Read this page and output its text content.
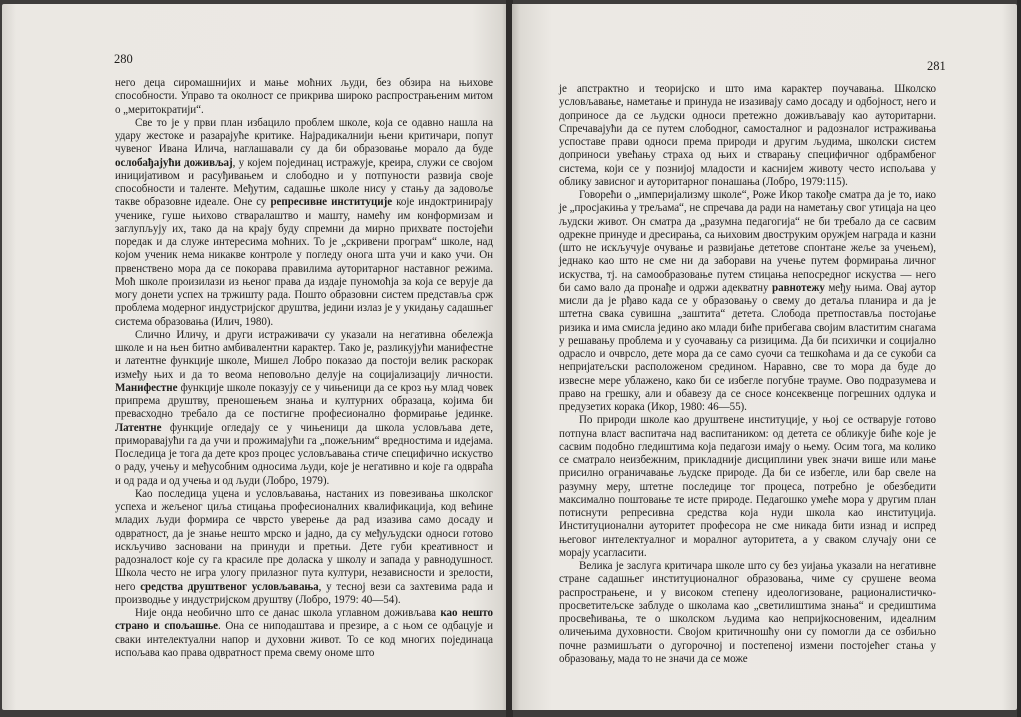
280

него деца сиромашнијих и мање моћних људи, без обзира на њихове способности. Управо та околност се прикрива широко распрострањеним митом о „меритократији“.

Све то је у први план избацило проблем школе, која се одавно нашла на удару жестоке и разарајуће критике. Најрадикалнији њени критичари, попут чувеног Ивана Илича, наглашавали су да би образовање морало да буде ослобађајући доживљај, у којем појединац истражује, крeира, служи се својом иницијативом и расуђивањем и слободно и у потпуности развија своје способности и таленте. Међутим, садашње школе нису у стању да задовоље такве образовне идеале. Оне су репресивне институције које индоктринирају ученике, гуше њихово стваралаштво и машту, намећу им конформизам и заглупљују их, тако да на крају буду спремни да мирно прихвате постојећи поредак и да служе интересима моћних. То је „скривени програм“ школе, над којом ученик нема никакве контроле у погледу онога шта учи и како учи. Он првенствено мора да се покорава правилима ауторитарног наставног режима. Моћ школе произилази из њеног права да издаје пуномоћја за која се верује да могу донети успех на тржишту рада. Пошто образовни систем представља срж проблема модерног индустријског друштва, једини излаз је у укидању садашњег система образовања (Илич, 1980).

Слично Иличу, и други истраживачи су указали на негативна обележја школе и на њен битно амбивалентни карактер. Тако је, разликујући манифестне и латентне функције школе, Мишел Лобро показао да постоји велик раскорак између њих и да то веома неповољно делује на социјализацију личности. Манифестне функције школе показују се у чињеници да се кроз њу млад човек припрема друштву, преношењем знања и културних образаца, којима би превасходно требало да се постигне професионално формирање јединке. Латентне функције огледају се у чињеници да школа условљава дете, приморавајући га да учи и прожимајући га „пожељним“ вредностима и идејама. Последица је тога да дете кроз процес условљавања стиче специфично искуство о раду, учењу и међусобним односима људи, које је негативно и које га одвраћа и од рада и од учења и од људи (Лобро, 1979).

Као последица уцена и условљавања, настаних из повезивања школског успеха и жељеног циља стицања професионалних квалификација, код већине младих људи формира се чврсто уверење да рад изазива само досаду и одвратност, да је знање нешто мрско и јадно, да су међуљудски односи готово искључиво засновани на принуди и претњи. Дете губи креативност и радозналост које су га красиле пре доласка у школу и запада у равнодушност. Школа често не игра улогу прилазног пута култури, независности и зрелости, него средства друштвеног условљавања, у тесној вези са захтевима рада и производње у индустријском друштву (Лобро, 1979: 40—54).

Није онда необично што се данас школа углавном доживљава као нешто страно и спољашње. Она се ниподаштава и презире, а с њом се одбацује и сваки интелектуални напор и духовни живот. То се код многих појединаца испољава као права одвратност према свему ономе што

281

је апстрактно и теоријско и што има карактер поучавања. Школско условљавање, наметање и принуда не изазивају само досаду и одбојност, него и доприносе да се људски односи претежно доживљавају као ауторитарни. Спречавајући да се путем слободног, самосталног и радозналог истраживања успоставе прави односи према природи и другим људима, школски систем доприноси увећању страха од њих и стварању специфичног одбрамбеног система, који се у познијој младости и каснијем животу често испољава у облику зависног и ауторитарног понашања (Лобро, 1979:115).

Говорећи о „империјализму школе“, Роже Икор такође сматра да је то, иако је „просјакиња у трељама“, не спречава да ради на наметању свог утицаја на цео људски живот. Он сматра да „разумна педагогија“ не би требало да се сасвим одрекне принуде и дресирања, са њиховим двоструким оружјем награда и казни (што не искључује очување и развијање дететове спонтане жеље за учењем), једнако као што не сме ни да заборави на учење путем формирања личног искуства, тј. на самообразовање путем стицања непосредног искуства — него би само вало да пронађе и одржи адекватну равнотежу међу њима. Овај аутор мисли да је рђаво када се у образовању о свему до детаља планира и да је штетна свака сувишна „заштита“ детета. Слобода претпоставља постојање ризика и има смисла једино ако млади биће прибегава својим властитим снагама у решавању проблема и у суочавању са ризицима. Да би психички и социјално одрасло и очврсло, дете мора да се само суочи са тешкоћама и да се сукоби са непријатељски расположеном срединoм. Наравно, све то мора да буде до извесне мере ублажено, како би се избегле погубне трауме. Ово подразумева и право на грешку, али и обавезу да се сносе консеквенце погрешних одлука и предузетих корака (Икор, 1980: 46—55).

По природи школе као друштвене институције, у њој се остварује готово потпуна власт васпитача над васпитаником: од детета се обликује биће које је сасвим подобно гледиштима која педагози имају о њему. Осим тога, ма колико се сматрало неизбежним, прикладније дисциплини увек значи више или мање присилно ограничавање људске природе. Да би се избегле, или бар свеле на разумну меру, штетне последице тог процеса, потребно је обезбедити максимално поштовање те исте природе. Педагошко умеће мора у другим план потиснути репресивна средства која нуди школа као институција. Институционални ауторитет професора не сме никада бити изнад и испред његовог интелектуалног и моралног ауторитета, а у сваком случају они се морају усагласити.

Велика је заслуга критичара школе што су без уијања указали на негативне стране садашњег институционалног образовања, чиме су срушене веома распрострањене, и у високом степену идеологизоване, рационалистичко-просветитељске заблуде о школама као „светилиштима знања“ и средиштима просвећивања, те о школском људима као непријкосновеним, идеалним оличењима духовности. Својом критичношћу они су помогли да се озбиљно почне размишљати о дугорочној и постепеној измени постојећег стања у образовању, мада то не значи да се може
